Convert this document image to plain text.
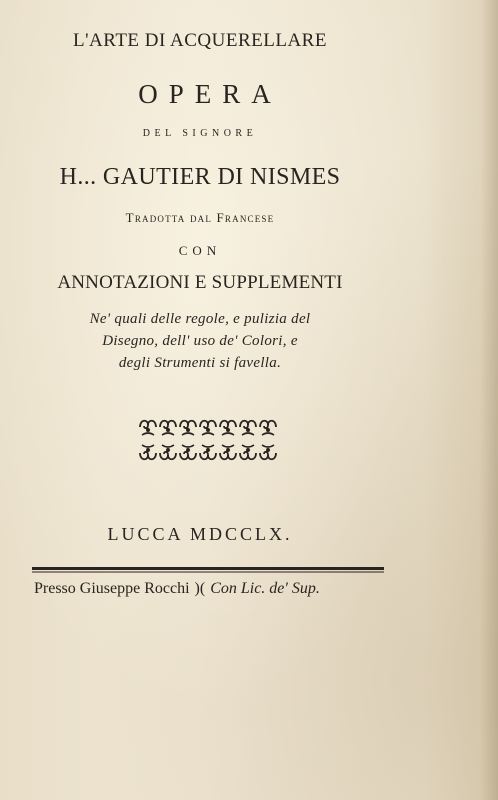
L'ARTE DI ACQUERELLARE
OPERA
DEL SIGNORE
H... GAUTIER DI NISMES
Tradotta dal Francese
CON
ANNOTAZIONI E SUPPLEMENTI
Ne' quali delle regole, e pulizia del
Disegno, dell' uso de' Colori, e
degli Strumenti si favella.
LUCCA MDCCLX.
Presso Giuseppe Rocchi )( Con Lic. de' Sup.
